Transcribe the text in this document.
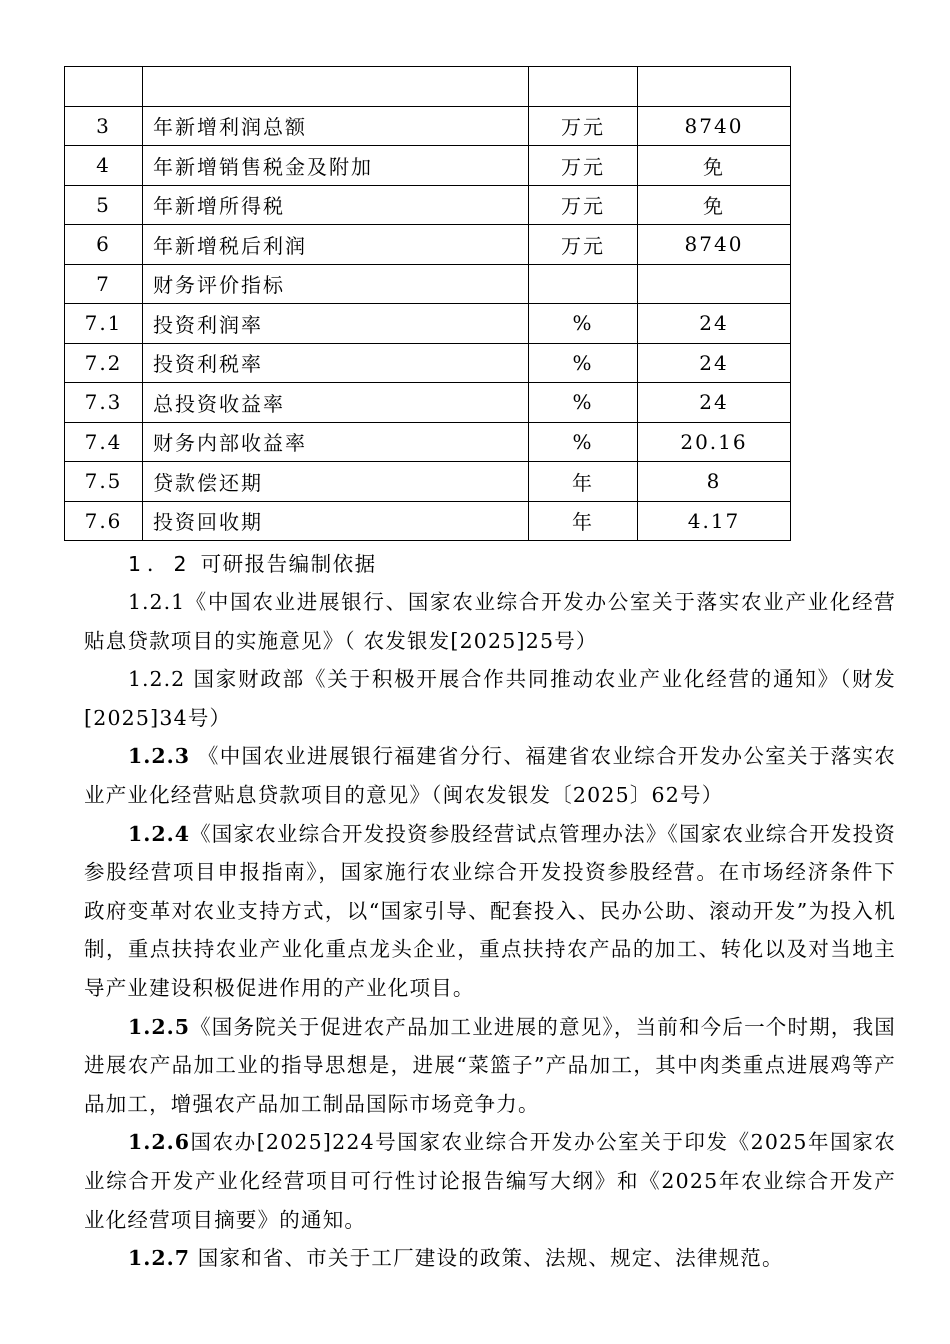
3	年新增利润总额	万元	8740
4	年新增销售税金及附加	万元	免
5	年新增所得税	万元	免
6	年新增税后利润	万元	8740
7	财务评价指标		
7.1	投资利润率	%	24
7.2	投资利税率	%	24
7.3	总投资收益率	%	24
7.4	财务内部收益率	%	20.16
7.5	贷款偿还期	年	8
7.6	投资回收期	年	4.17
1．2 可研报告编制依据

1.2.1《中国农业进展银行、国家农业综合开发办公室关于落实农业产业化经营贴息贷款项目的实施意见》（ 农发银发[2025]25号）

1.2.2 国家财政部《关于积极开展合作共同推动农业产业化经营的通知》（财发[2025]34号）

1.2.3 《中国农业进展银行福建省分行、福建省农业综合开发办公室关于落实农业产业化经营贴息贷款项目的意见》（闽农发银发〔2025〕62号）

1.2.4《国家农业综合开发投资参股经营试点管理办法》《国家农业综合开发投资参股经营项目申报指南》，国家施行农业综合开发投资参股经营。在市场经济条件下政府变革对农业支持方式，以“国家引导、配套投入、民办公助、滚动开发”为投入机制，重点扶持农业产业化重点龙头企业，重点扶持农产品的加工、转化以及对当地主导产业建设积极促进作用的产业化项目。

1.2.5《国务院关于促进农产品加工业进展的意见》，当前和今后一个时期，我国进展农产品加工业的指导思想是，进展“菜篮子”产品加工，其中肉类重点进展鸡等产品加工，增强农产品加工制品国际市场竞争力。

1.2.6国农办[2025]224号国家农业综合开发办公室关于印发《2025年国家农业综合开发产业化经营项目可行性讨论报告编写大纲》和《2025年农业综合开发产业化经营项目摘要》的通知。

1.2.7 国家和省、市关于工厂建设的政策、法规、规定、法律规范。
